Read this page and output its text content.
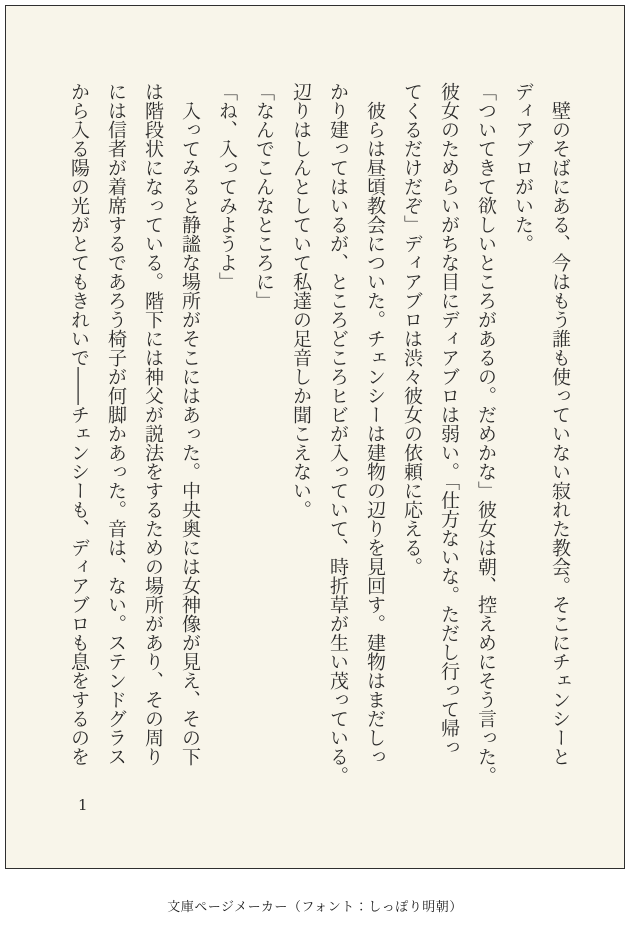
壁のそばにある、今はもう誰も使っていない寂れた教会。そこにチェンシーと

ディアブロがいた。

「ついてきて欲しいところがあるの。だめかな」彼女は朝、控えめにそう言った。

彼女のためらいがちな目にディアブロは弱い。「仕方ないな。ただし行って帰っ

てくるだけだぞ」ディアブロは渋々彼女の依頼に応える。

彼らは昼頃教会についた。チェンシーは建物の辺りを見回す。建物はまだしっ

かり建ってはいるが、ところどころヒビが入っていて、時折草が生い茂っている。

辺りはしんとしていて私達の足音しか聞こえない。

「なんでこんなところに」

「ね、入ってみようよ」

入ってみると静謐な場所がそこにはあった。中央奥には女神像が見え、その下

は階段状になっている。階下には神父が説法をするための場所があり、その周り

には信者が着席するであろう椅子が何脚かあった。音は、ない。ステンドグラス

から入る陽の光がとてもきれいで――チェンシーも、ディアブロも息をするのを

1
文庫ページメーカー（フォント：しっぽり明朝）
